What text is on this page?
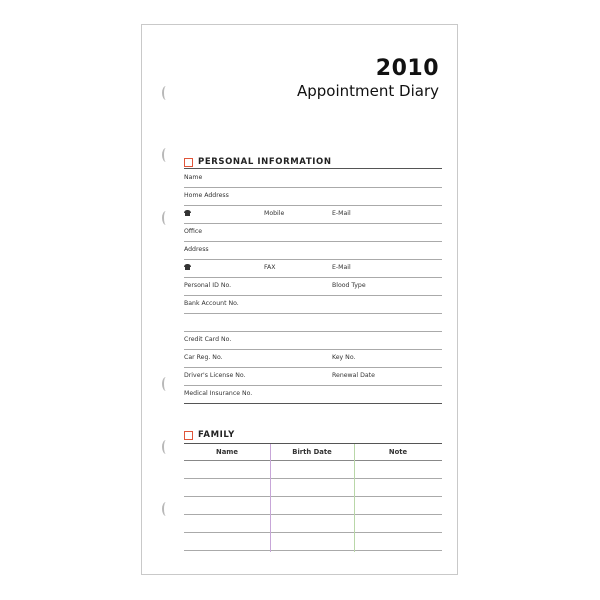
2010
Appointment Diary
PERSONAL INFORMATION
Name
Home Address
Mobile	E-Mail
Office
Address
FAX	E-Mail
Personal ID No.	Blood Type
Bank Account No.
Credit Card No.
Car Reg. No.	Key No.
Driver's License No.	Renewal Date
Medical Insurance No.
FAMILY
Name	Birth Date	Note
